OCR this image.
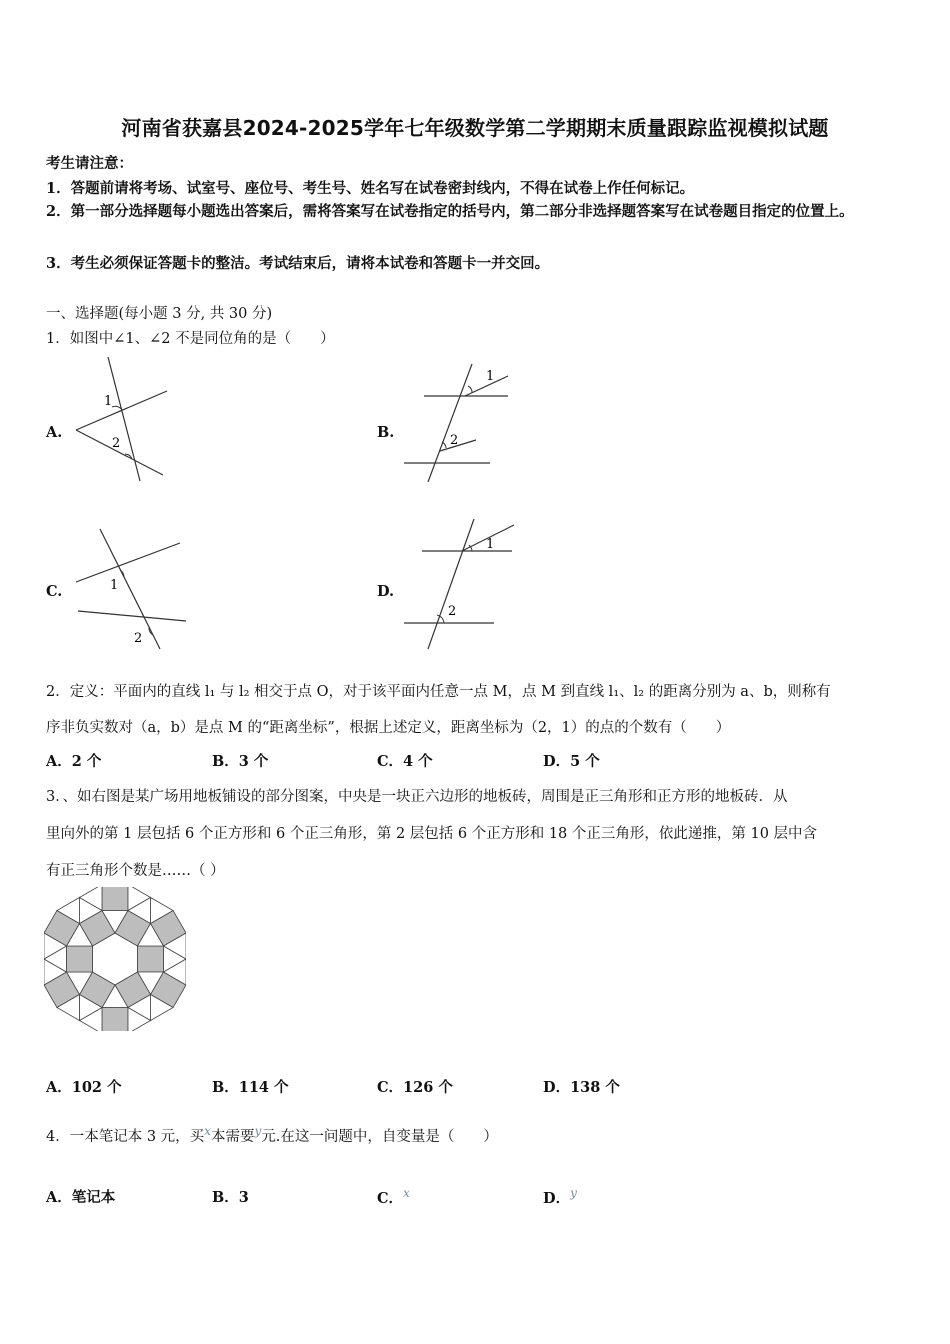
河南省获嘉县2024-2025学年七年级数学第二学期期末质量跟踪监视模拟试题
考生请注意：
1．答题前请将考场、试室号、座位号、考生号、姓名写在试卷密封线内，不得在试卷上作任何标记。
2．第一部分选择题每小题选出答案后，需将答案写在试卷指定的括号内，第二部分非选择题答案写在试卷题目指定的位置上。
3．考生必须保证答题卡的整洁。考试结束后，请将本试卷和答题卡一并交回。
一、选择题(每小题 3 分, 共 30 分)
1．如图中∠1、∠2 不是同位角的是（　　）
A.
1
2
B.
1
2
C.	1
2
D.
1
2
2．定义：平面内的直线 l₁ 与 l₂ 相交于点 O，对于该平面内任意一点 M，点 M 到直线 l₁、l₂ 的距离分别为 a、b，则称有
序非负实数对（a，b）是点 M 的“距离坐标”，根据上述定义，距离坐标为（2，1）的点的个数有（　　）
A．2 个	B．3 个	C．4 个	D．5 个
3．、如右图是某广场用地板铺设的部分图案，中央是一块正六边形的地板砖，周围是正三角形和正方形的地板砖．从
里向外的第 1 层包括 6 个正方形和 6 个正三角形，第 2 层包括 6 个正方形和 18 个正三角形，依此递推，第 10 层中含
有正三角形个数是……（ ）
A．102 个	B．114 个	C．126 个	D．138 个
4．一本笔记本 3 元，买$^x$本需要$^y$元.在这一问题中，自变量是（　　）
A．笔记本	B．3	C．$^x$	D．$^y$
